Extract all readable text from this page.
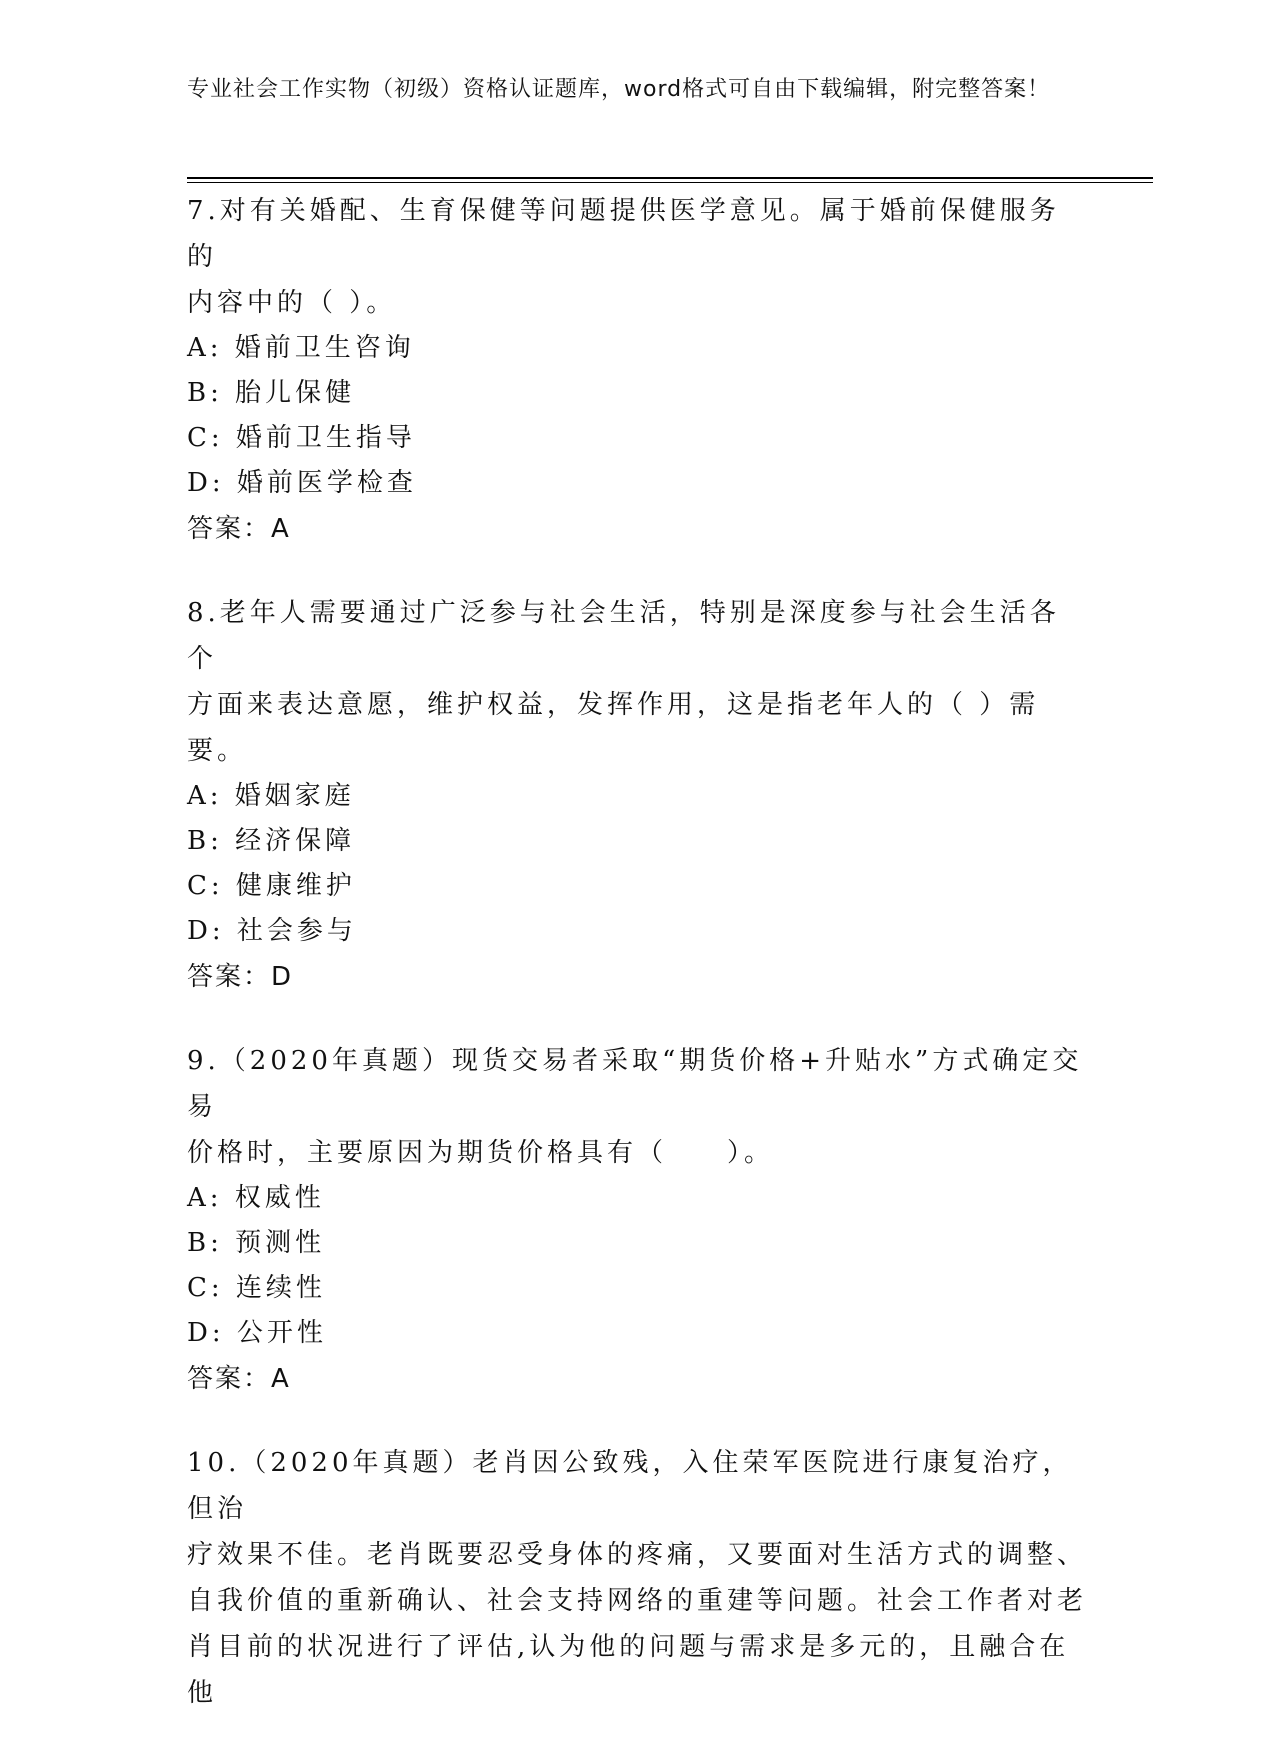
专业社会工作实物（初级）资格认证题库，word格式可自由下载编辑，附完整答案！

7.对有关婚配、生育保健等问题提供医学意见。属于婚前保健服务的

内容中的（ ）。

A: 婚前卫生咨询

B: 胎儿保健

C: 婚前卫生指导

D: 婚前医学检查

答案：A

8.老年人需要通过广泛参与社会生活，特别是深度参与社会生活各个

方面来表达意愿，维护权益，发挥作用，这是指老年人的（ ）需要。

A: 婚姻家庭

B: 经济保障

C: 健康维护

D: 社会参与

答案：D

9.（2020年真题）现货交易者采取“期货价格+升贴水”方式确定交易

价格时，主要原因为期货价格具有（　　）。

A: 权威性

B: 预测性

C: 连续性

D: 公开性

答案：A

10.（2020年真题）老肖因公致残，入住荣军医院进行康复治疗，但治

疗效果不佳。老肖既要忍受身体的疼痛，又要面对生活方式的调整、

自我价值的重新确认、社会支持网络的重建等问题。社会工作者对老

肖目前的状况进行了评估,认为他的问题与需求是多元的，且融合在他
